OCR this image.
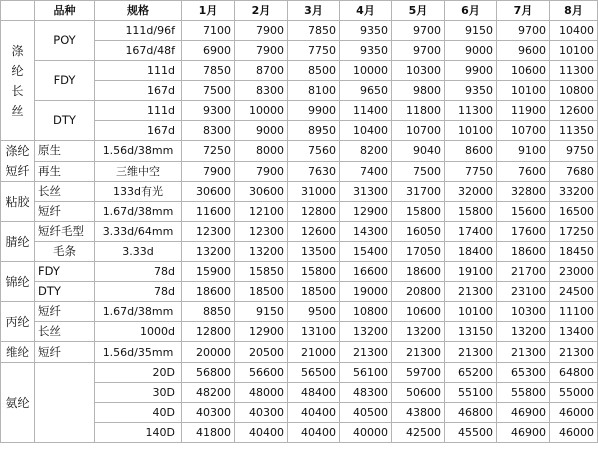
	品种	规格	1月	2月	3月	4月	5月	6月	7月	8月
涤纶长丝	POY	111d/96f	7100	7900	7850	9350	9700	9150	9700	10400
		167d/48f	6900	7900	7750	9350	9700	9000	9600	10100
	FDY	111d	7850	8700	8500	10000	10300	9900	10600	11300
		167d	7500	8300	8100	9650	9800	9350	10100	10800
	DTY	111d	9300	10000	9900	11400	11800	11300	11900	12600
		167d	8300	9000	8950	10400	10700	10100	10700	11350
涤纶短纤	原生	1.56d/38mm	7250	8000	7560	8200	9040	8600	9100	9750
	再生	三维中空	7900	7900	7630	7400	7500	7750	7600	7680
粘胶	长丝	133d有光	30600	30600	31000	31300	31700	32000	32800	33200
	短纤	1.67d/38mm	11600	12100	12800	12900	15800	15800	15600	16500
腈纶	短纤毛型	3.33d/64mm	12300	12300	12600	14300	16050	17400	17600	17250
	毛条	3.33d	13200	13200	13500	15400	17050	18400	18600	18450
锦纶	FDY	78d	15900	15850	15800	16600	18600	19100	21700	23000
	DTY	78d	18600	18500	18500	19000	20800	21300	23100	24500
丙纶	短纤	1.67d/38mm	8850	9150	9500	10800	10600	10100	10300	11100
	长丝	1000d	12800	12900	13100	13200	13200	13150	13200	13400
维纶	短纤	1.56d/35mm	20000	20500	21000	21300	21300	21300	21300	21300
氨纶		20D	56800	56600	56500	56100	59700	65200	65300	64800
		30D	48200	48000	48400	48300	50600	55100	55800	55000
		40D	40300	40300	40400	40500	43800	46800	46900	46000
		140D	41800	40400	40400	40000	42500	45500	46900	46000
